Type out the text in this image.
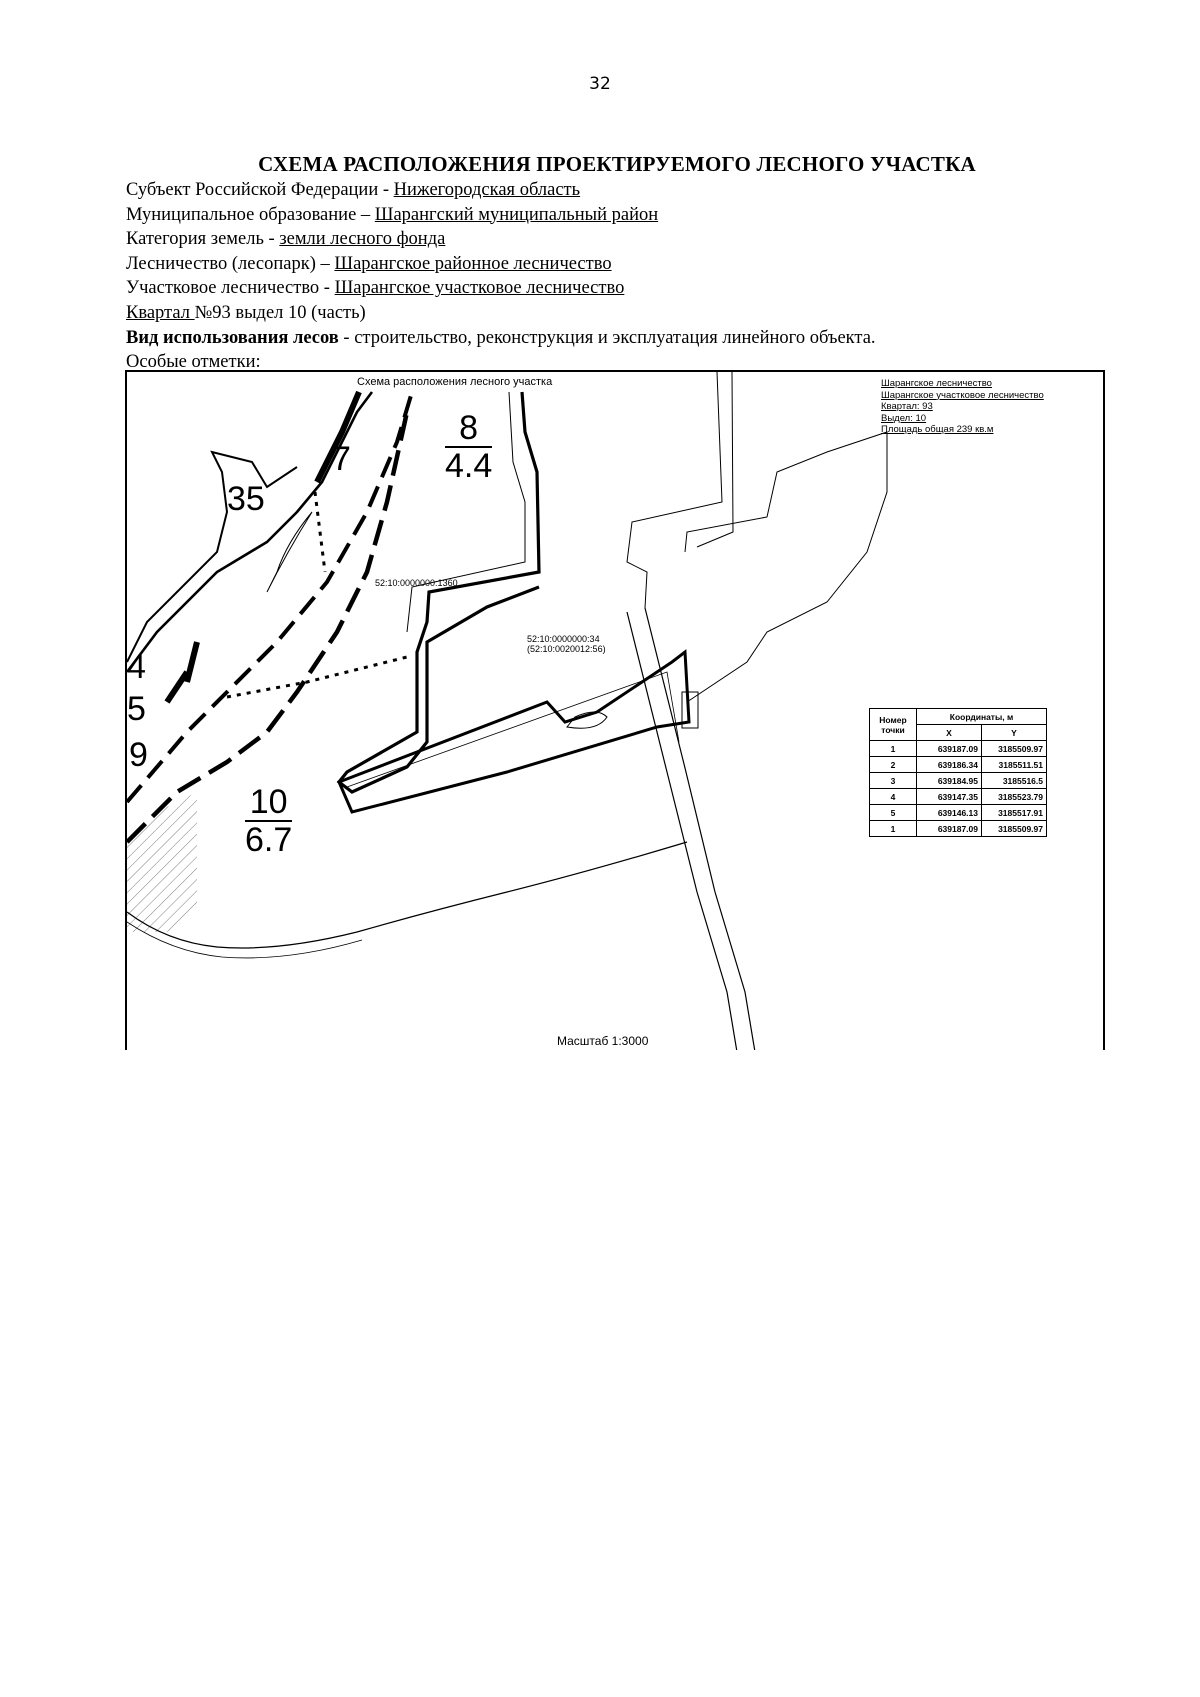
32
СХЕМА РАСПОЛОЖЕНИЯ ПРОЕКТИРУЕМОГО ЛЕСНОГО УЧАСТКА
Субъект Российской Федерации - Нижегородская область
Муниципальное образование – Шарангский муниципальный район
Категория земель - земли лесного фонда
Лесничество (лесопарк) – Шарангское районное лесничество
Участковое лесничество - Шарангское участковое лесничество
Квартал №93 выдел 10 (часть)
Вид использования лесов - строительство, реконструкция и эксплуатация линейного объекта.
Особые отметки:
Схема расположения лесного участка	Шарангское лесничество
Шарангское участковое лесничество
Квартал: 93
Выдел: 10
Площадь общая 239 кв.м
8
4.4
10
6.7
35
7
4
5
9
52:10:0000000:1360
52:10:0000000:34
(52:10:0020012:56)
Номер точки	Координаты, м	
	X	Y
1	639187.09	3185509.97
2	639186.34	3185511.51
3	639184.95	3185516.5
4	639147.35	3185523.79
5	639146.13	3185517.91
1	639187.09	3185509.97
Масштаб 1:3000
